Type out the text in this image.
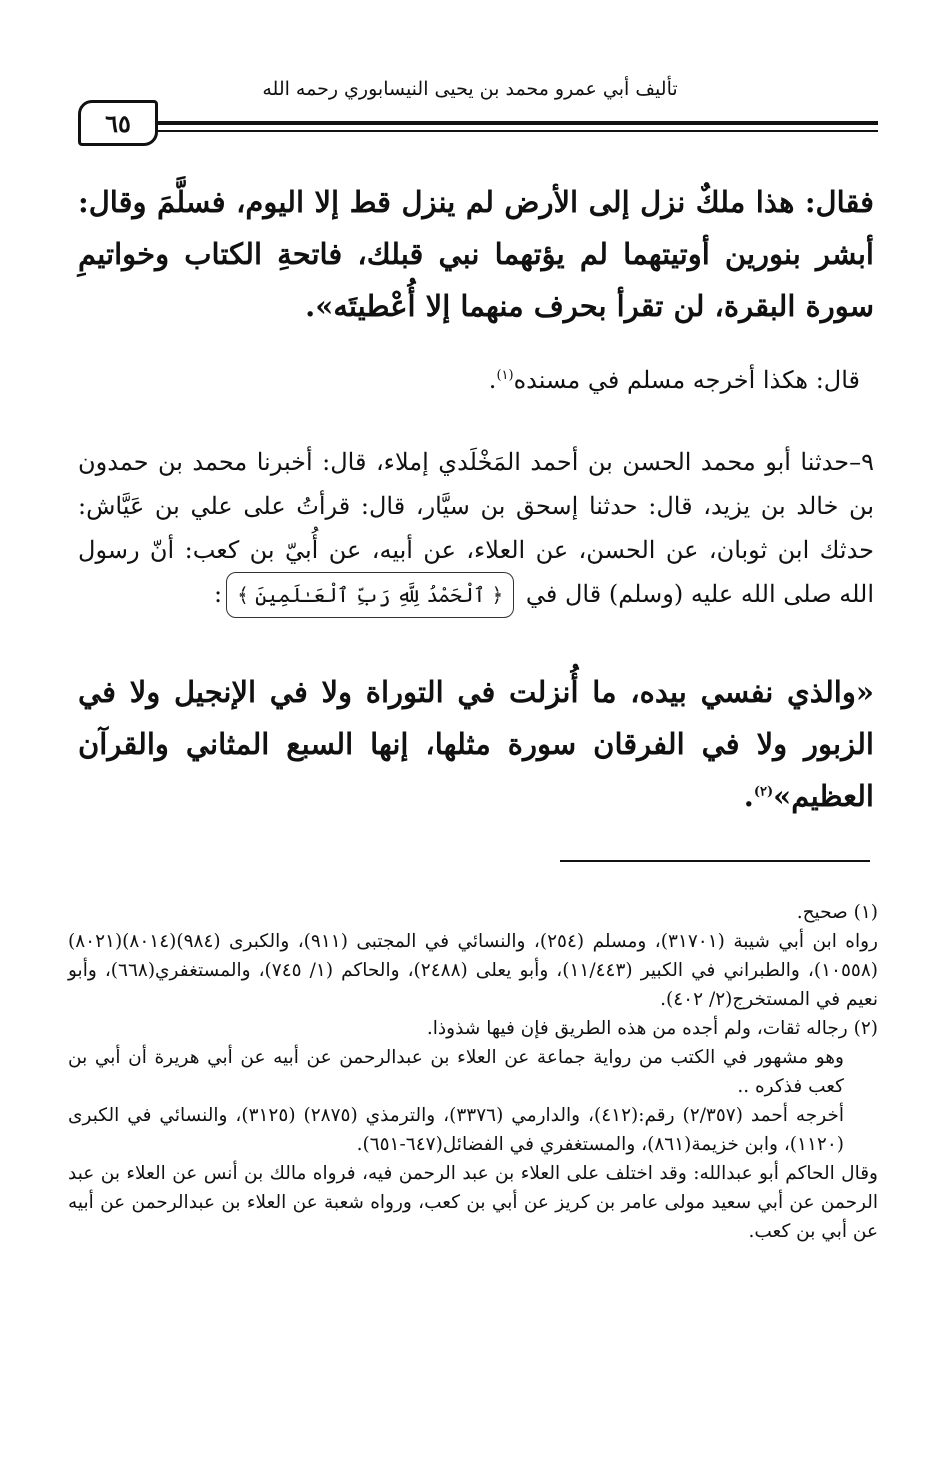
تأليف أبي عمرو محمد بن يحيى النيسابوري رحمه الله
٦٥
فقال: هذا ملكٌ نزل إلى الأرض لم ينزل قط إلا اليوم، فسلَّمَ وقال: أبشر بنورين أوتيتهما لم يؤتهما نبي قبلك، فاتحةِ الكتاب وخواتيمِ سورة البقرة، لن تقرأ بحرف منهما إلا أُعْطيتَه».
قال: هكذا أخرجه مسلم في مسنده$^{(١)}$.
٩–حدثنا أبو محمد الحسن بن أحمد المَخْلَدي إملاء، قال: أخبرنا محمد بن حمدون بن خالد بن يزيد، قال: حدثنا إسحق بن سيَّار، قال: قرأتُ على علي بن عَيَّاش: حدثك ابن ثوبان، عن الحسن، عن العلاء، عن أبيه، عن أُبيّ بن كعب: أنّ رسول الله صلى الله عليه (وسلم) قال في ﴿ ٱلْحَمْدُ لِلَّهِ رَبِّ ٱلْعَـٰلَمِينَ ﴾:
«والذي نفسي بيده، ما أُنزلت في التوراة ولا في الإنجيل ولا في الزبور ولا في الفرقان سورة مثلها، إنها السبع المثاني والقرآن العظيم»$^{(٢)}$.
(١) صحيح.
رواه ابن أبي شيبة (٣١٧٠١)، ومسلم (٢٥٤)، والنسائي في المجتبى (٩١١)، والكبرى (٩٨٤)(٨٠١٤)(٨٠٢١)(١٠٥٥٨)، والطبراني في الكبير (١١/٤٤٣)، وأبو يعلى (٢٤٨٨)، والحاكم (١/ ٧٤٥)، والمستغفري(٦٦٨)، وأبو نعيم في المستخرج(٢/ ٤٠٢).
(٢) رجاله ثقات، ولم أجده من هذه الطريق فإن فيها شذوذا.
وهو مشهور في الكتب من رواية جماعة عن العلاء بن عبدالرحمن عن أبيه عن أبي هريرة أن أبي بن كعب فذكره ..
أخرجه أحمد (٢/٣٥٧) رقم:(٤١٢)، والدارمي (٣٣٧٦)، والترمذي (٢٨٧٥) (٣١٢٥)، والنسائي في الكبرى (١١٢٠)، وابن خزيمة(٨٦١)، والمستغفري في الفضائل(٦٤٧-٦٥١).
وقال الحاكم أبو عبدالله: وقد اختلف على العلاء بن عبد الرحمن فيه، فرواه مالك بن أنس عن العلاء بن عبد الرحمن عن أبي سعيد مولى عامر بن كريز عن أبي بن كعب، ورواه شعبة عن العلاء بن عبدالرحمن عن أبيه عن أبي بن كعب.
